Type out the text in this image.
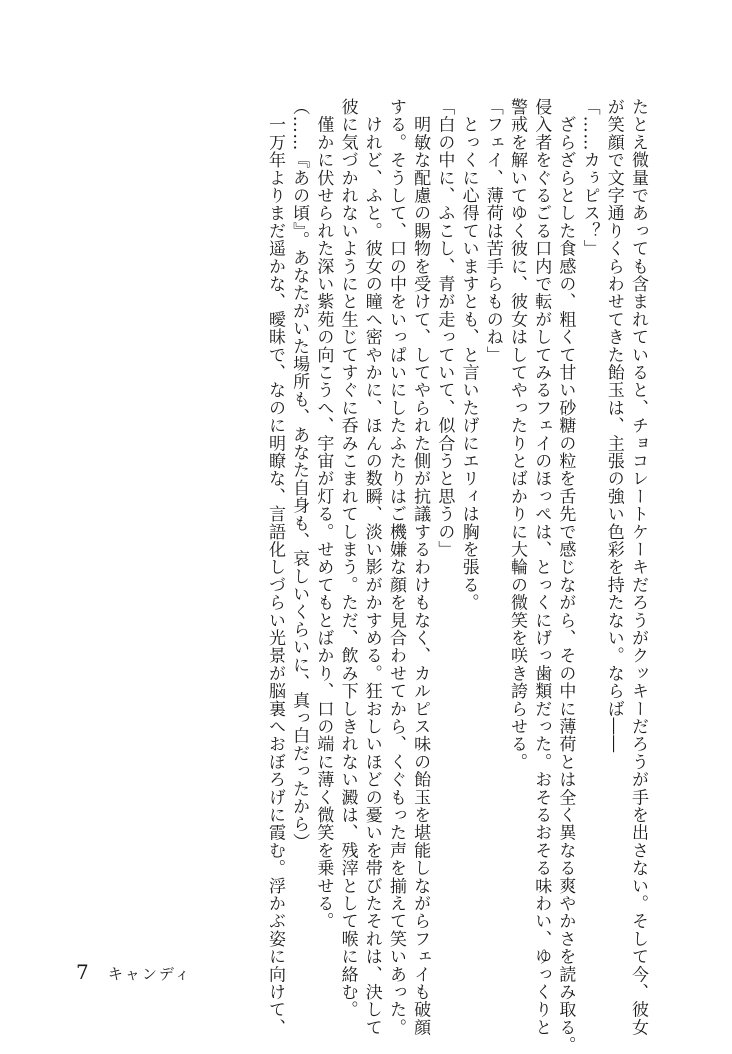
たとえ微量であっても含まれていると、チョコレートケーキだろうがクッキーだろうが手を出さない。そして今、彼女
が笑顔で文字通りくらわせてきた飴玉は、主張の強い色彩を持たない。ならば――
「……カぅピス？」
　ざらざらとした食感の、粗くて甘い砂糖の粒を舌先で感じながら、その中に薄荷とは全く異なる爽やかさを読み取る。
侵入者をぐるごる口内で転がしてみるフェイのほっぺは、とっくにげっ歯類だった。おそるおそる味わい、ゆっくりと
警戒を解いてゆく彼に、彼女はしてやったりとばかりに大輪の微笑を咲き誇らせる。
「フェイ、薄荷は苦手らものね」
　とっくに心得ていますとも、と言いたげにエリィは胸を張る。
「白の中に、ふこし、青が走っていて、似合うと思うの」
　明敏な配慮の賜物を受けて、してやられた側が抗議するわけもなく、カルピス味の飴玉を堪能しながらフェイも破顔
する。そうして、口の中をいっぱいにしたふたりはご機嫌な顔を見合わせてから、くぐもった声を揃えて笑いあった。
　けれど、ふと。彼女の瞳へ密やかに、ほんの数瞬、淡い影がかすめる。狂おしいほどの憂いを帯びたそれは、決して
彼に気づかれないようにと生じてすぐに呑みこまれてしまう。ただ、飲み下しきれない澱は、残滓として喉に絡む。
　僅かに伏せられた深い紫苑の向こうへ、宇宙が灯る。せめてもとばかり、口の端に薄く微笑を乗せる。
（……『あの頃』。あなたがいた場所も、あなた自身も、哀しいくらいに、真っ白だったから）
　一万年よりまだ遥かな、曖昧で、なのに明瞭な、言語化しづらい光景が脳裏へおぼろげに霞む。浮かぶ姿に向けて、
7 キャンディ
